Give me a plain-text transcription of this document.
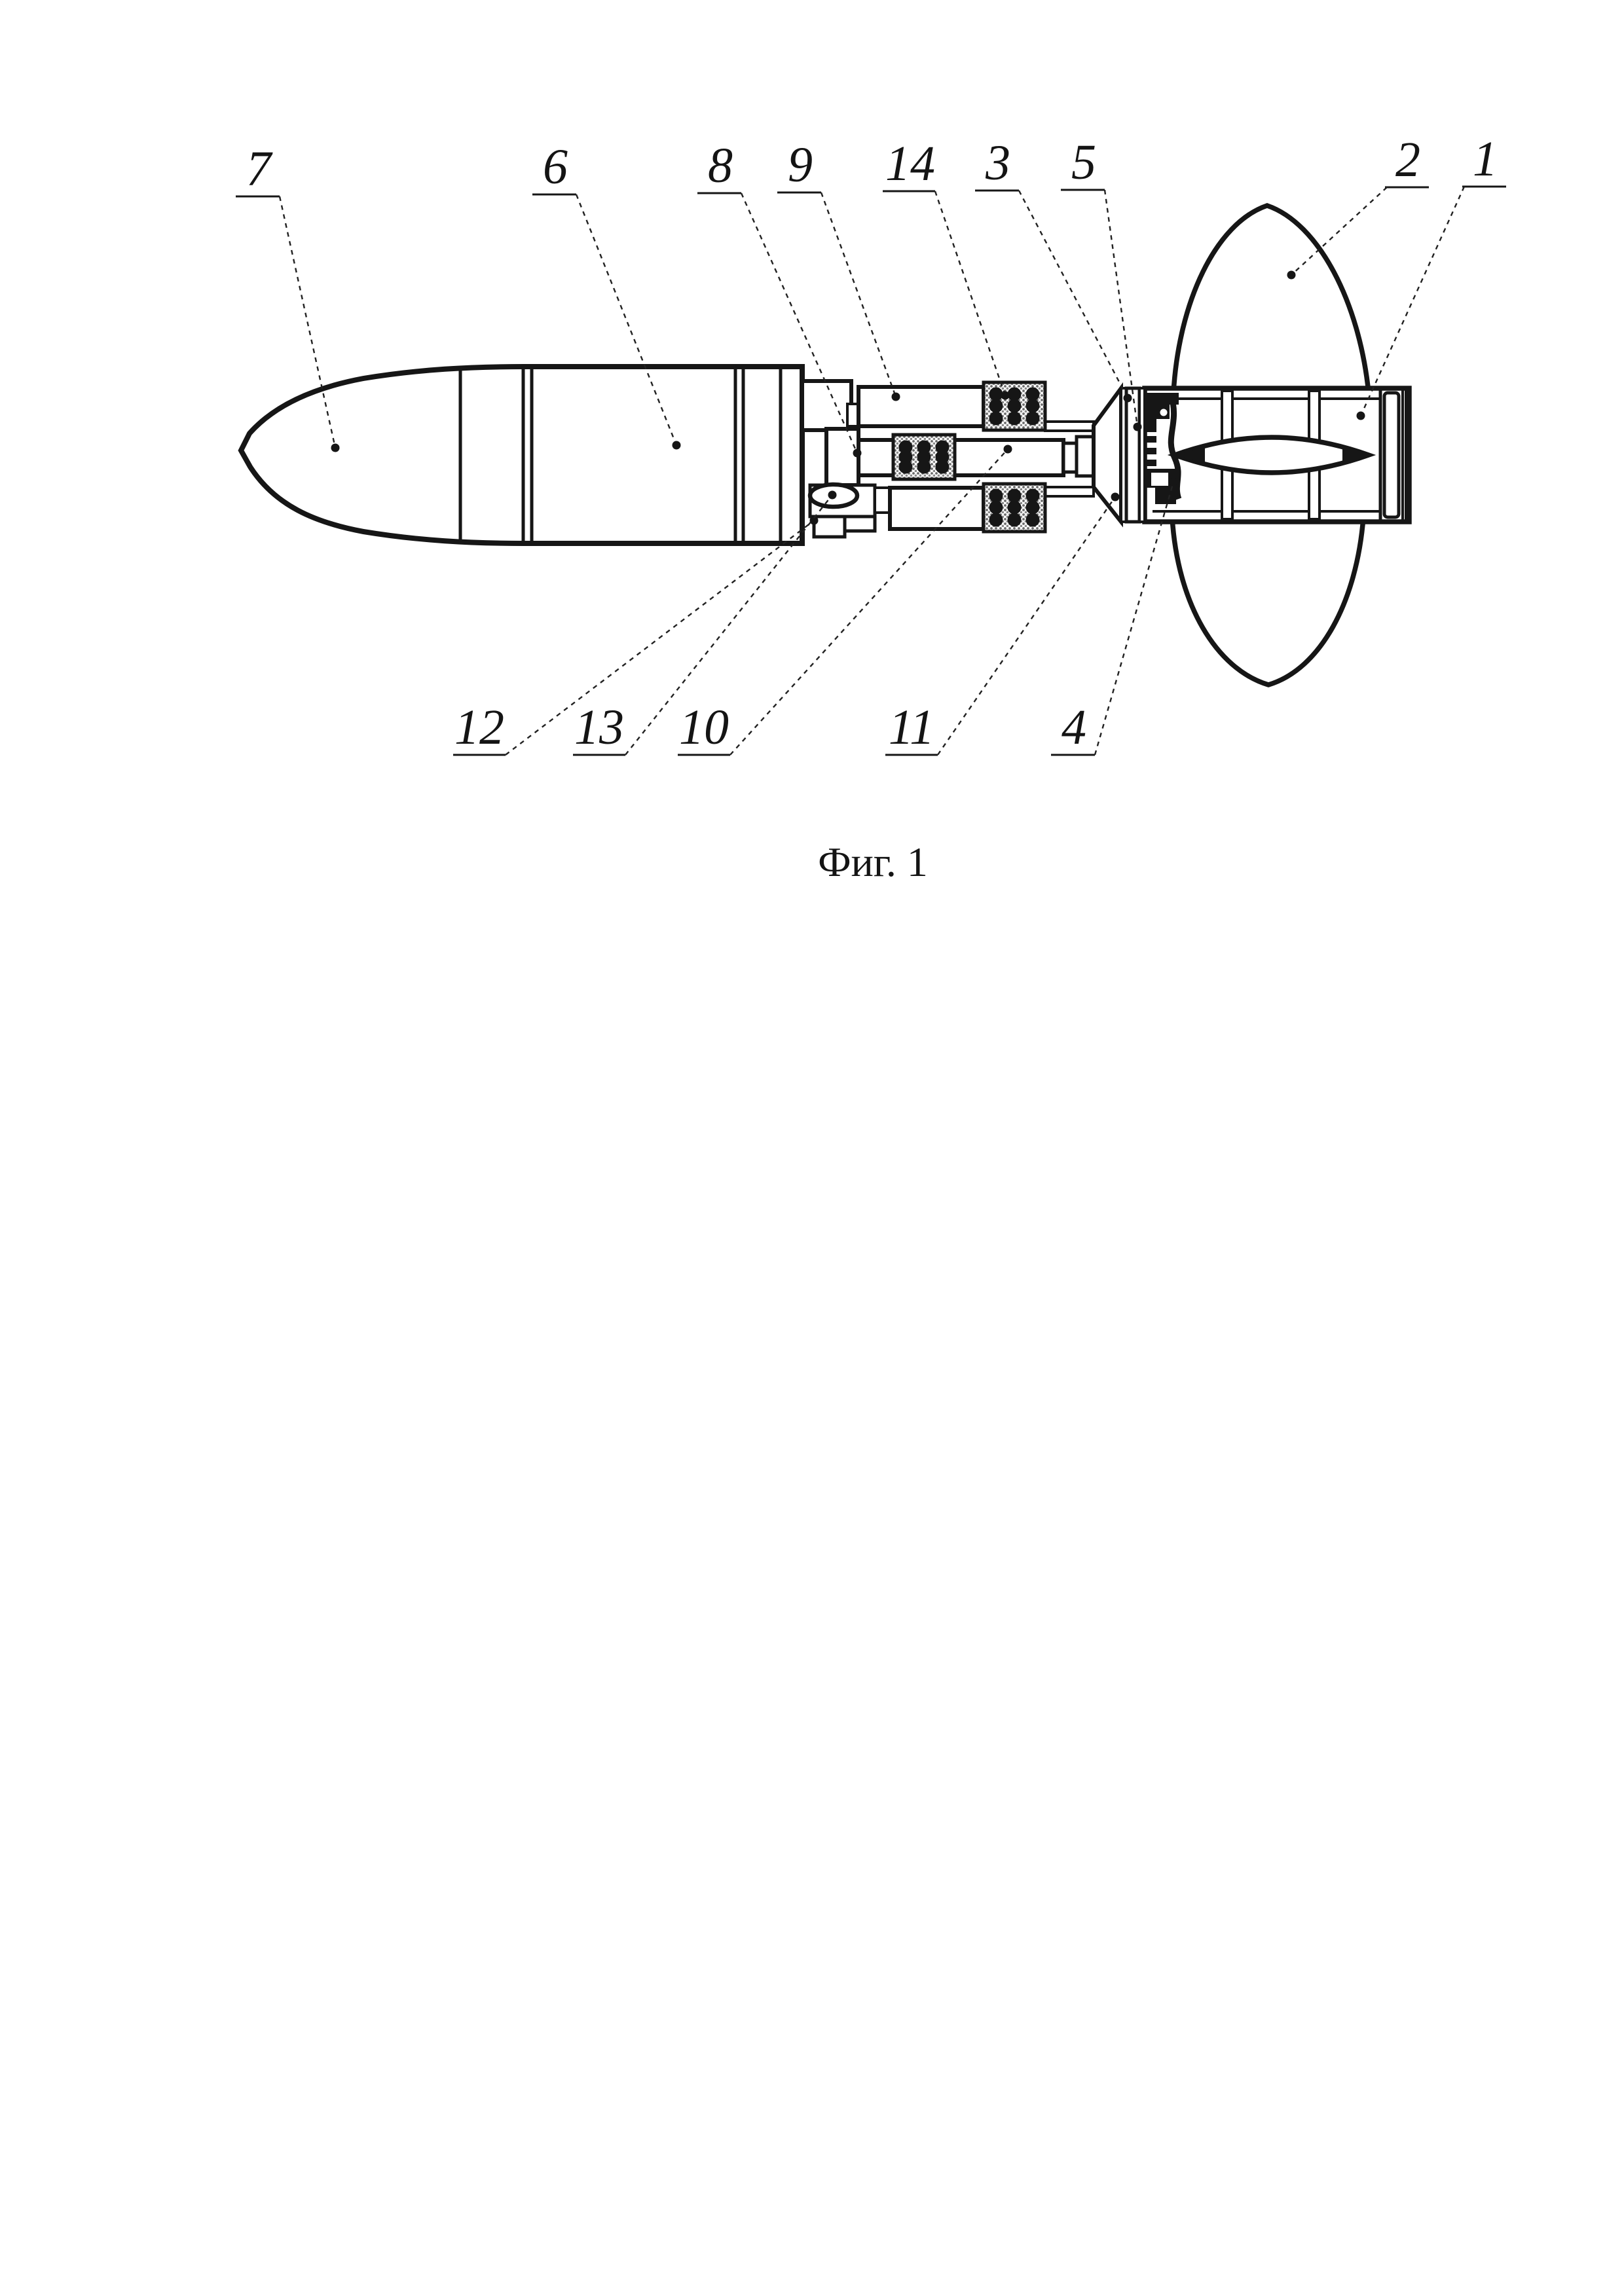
7	6	8 9 14 3 5	2 1
12 13 10	11	4
Фиг. 1
